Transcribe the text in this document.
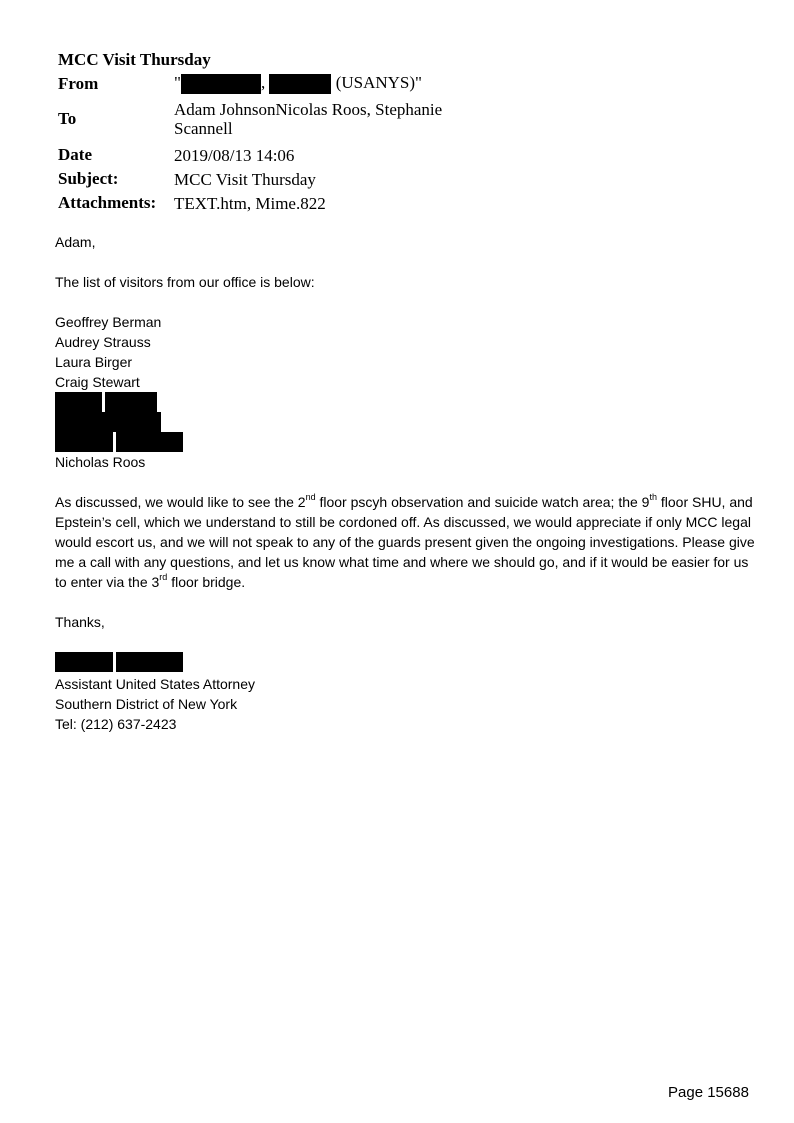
MCC Visit Thursday
From	"	,	(USANYS)"
To	Adam JohnsonNicolas Roos, Stephanie Scannell
Date	2019/08/13 14:06
Subject:	MCC Visit Thursday
Attachments:	TEXT.htm, Mime.822

Adam,

The list of visitors from our office is below:

Geoffrey Berman
Audrey Strauss
Laura Birger
Craig Stewart
Nicholas Roos

As discussed, we would like to see the 2nd floor pscyh observation and suicide watch area; the 9th floor SHU, and Epstein’s cell, which we understand to still be cordoned off. As discussed, we would appreciate if only MCC legal would escort us, and we will not speak to any of the guards present given the ongoing investigations. Please give me a call with any questions, and let us know what time and where we should go, and if it would be easier for us to enter via the 3rd floor bridge.

Thanks,

Assistant United States Attorney
Southern District of New York
Tel: (212) 637-2423
Page 15688
